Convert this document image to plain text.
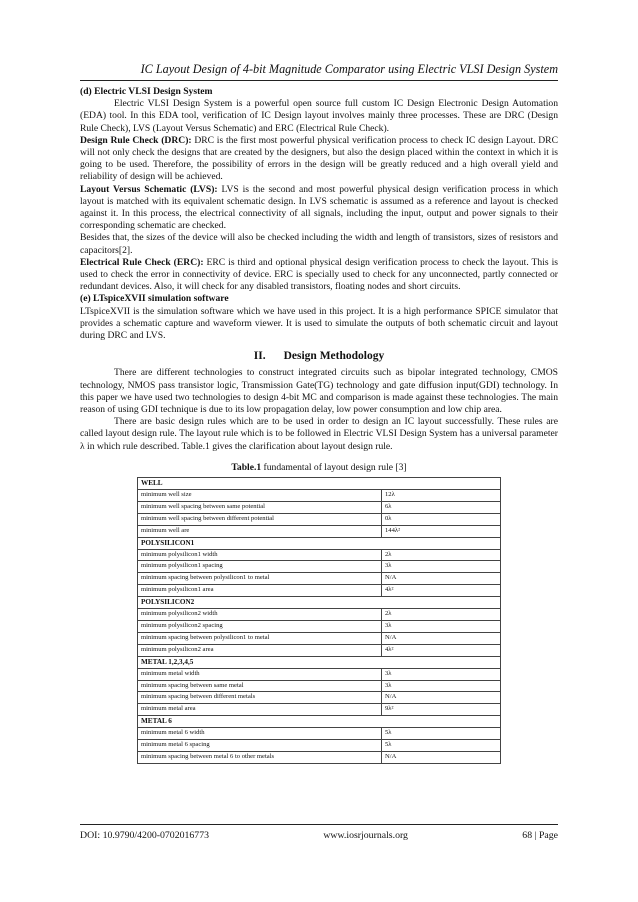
IC Layout Design of 4-bit Magnitude Comparator using Electric VLSI Design System

(d) Electric VLSI Design System

Electric VLSI Design System is a powerful open source full custom IC Design Electronic Design Automation (EDA) tool. In this EDA tool, verification of IC Design layout involves mainly three processes. These are DRC (Design Rule Check), LVS (Layout Versus Schematic) and ERC (Electrical Rule Check).

Design Rule Check (DRC): DRC is the first most powerful physical verification process to check IC design Layout. DRC will not only check the designs that are created by the designers, but also the design placed within the context in which it is going to be used. Therefore, the possibility of errors in the design will be greatly reduced and a high overall yield and reliability of design will be achieved.

Layout Versus Schematic (LVS): LVS is the second and most powerful physical design verification process in which layout is matched with its equivalent schematic design. In LVS schematic is assumed as a reference and layout is checked against it. In this process, the electrical connectivity of all signals, including the input, output and power signals to their corresponding schematic are checked.

Besides that, the sizes of the device will also be checked including the width and length of transistors, sizes of resistors and capacitors[2].

Electrical Rule Check (ERC): ERC is third and optional physical design verification process to check the layout. This is used to check the error in connectivity of device. ERC is specially used to check for any unconnected, partly connected or redundant devices. Also, it will check for any disabled transistors, floating nodes and short circuits.

(e) LTspiceXVII simulation software

LTspiceXVII is the simulation software which we have used in this project. It is a high performance SPICE simulator that provides a schematic capture and waveform viewer. It is used to simulate the outputs of both schematic circuit and layout during DRC and LVS.

II. Design Methodology

There are different technologies to construct integrated circuits such as bipolar integrated technology, CMOS technology, NMOS pass transistor logic, Transmission Gate(TG) technology and gate diffusion input(GDI) technology. In this paper we have used two technologies to design 4-bit MC and comparison is made against these technologies. The main reason of using GDI technique is due to its low propagation delay, low power consumption and low chip area.

There are basic design rules which are to be used in order to design an IC layout successfully. These rules are called layout design rule. The layout rule which is to be followed in Electric VLSI Design System has a universal parameter λ in which rule described. Table.1 gives the clarification about layout design rule.

Table.1 fundamental of layout design rule [3]

WELL	
minimum well size	12λ
minimum well spacing between same potential	6λ
minimum well spacing between different potential	0λ
minimum well are	144λ²
POLYSILICON1	
minimum polysilicon1 width	2λ
minimum polysilicon1 spacing	3λ
minimum spacing between polysilicon1 to metal	N/A
minimum polysilicon1 area	4λ²
POLYSILICON2	
minimum polysilicon2 width	2λ
minimum polysilicon2 spacing	3λ
minimum spacing between polysilicon1 to metal	N/A
minimum polysilicon2 area	4λ²
METAL 1,2,3,4,5	
minimum metal width	3λ
minimum spacing between same metal	3λ
minimum spacing between different metals	N/A
minimum metal area	9λ²
METAL 6	
minimum metal 6 width	5λ
minimum metal 6 spacing	5λ
minimum spacing between metal 6 to other metals	N/A
DOI: 10.9790/4200-0702016773	www.iosrjournals.org	68 | Page
